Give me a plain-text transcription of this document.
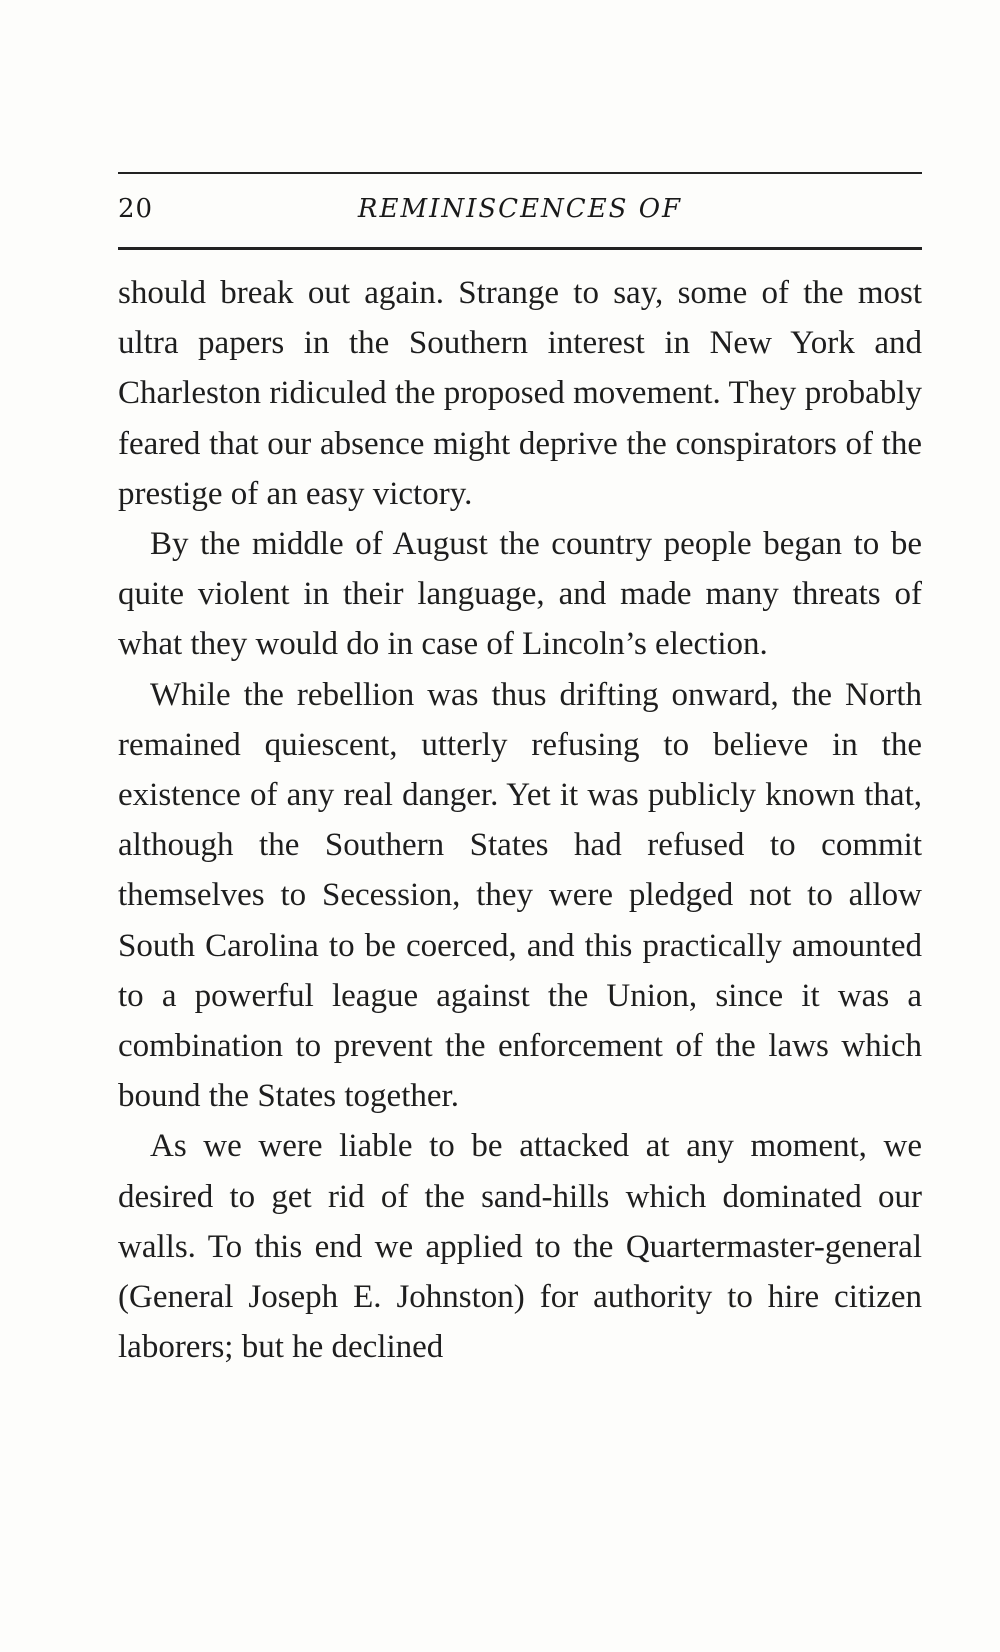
20	REMINISCENCES OF

should break out again. Strange to say, some of the most ultra papers in the Southern interest in New York and Charleston ridiculed the proposed movement. They probably feared that our absence might deprive the conspirators of the prestige of an easy victory.

By the middle of August the country people began to be quite violent in their language, and made many threats of what they would do in case of Lincoln’s election.

While the rebellion was thus drifting onward, the North remained quiescent, utterly refusing to believe in the existence of any real danger. Yet it was publicly known that, although the Southern States had refused to commit themselves to Secession, they were pledged not to allow South Carolina to be coerced, and this practically amounted to a powerful league against the Union, since it was a combination to prevent the enforcement of the laws which bound the States together.

As we were liable to be attacked at any moment, we desired to get rid of the sand-hills which dominated our walls. To this end we applied to the Quartermaster-general (General Joseph E. Johnston) for authority to hire citizen laborers; but he declined
